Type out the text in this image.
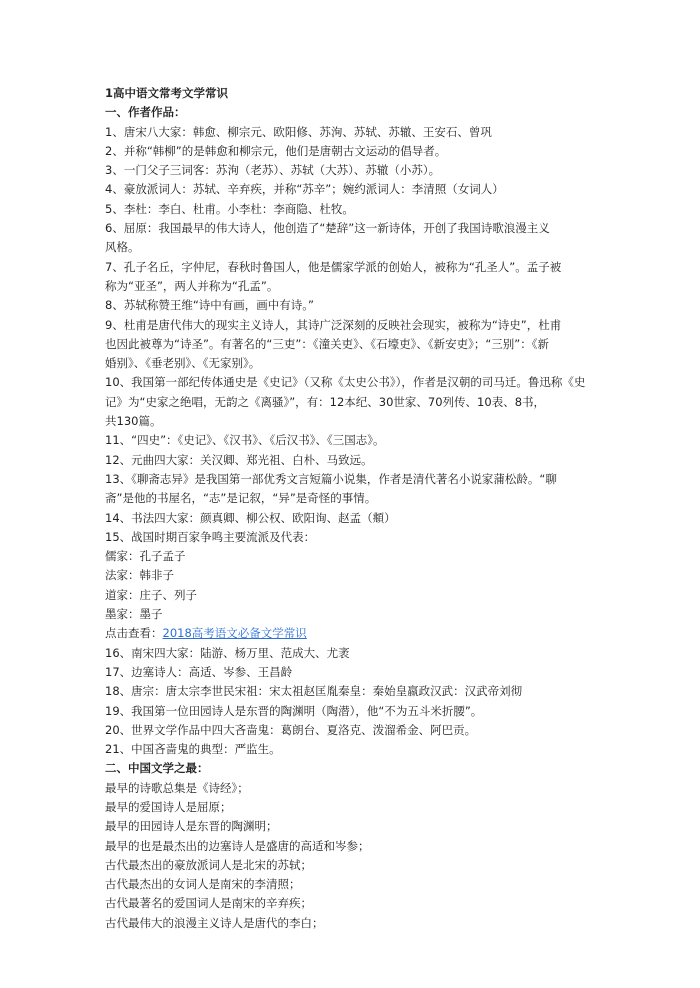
1高中语文常考文学常识
一、作者作品：
1、唐宋八大家：韩愈、柳宗元、欧阳修、苏洵、苏轼、苏辙、王安石、曾巩
2、并称“韩柳”的是韩愈和柳宗元，他们是唐朝古文运动的倡导者。
3、一门父子三词客：苏洵（老苏）、苏轼（大苏）、苏辙（小苏）。
4、豪放派词人：苏轼、辛弃疾，并称“苏辛”；婉约派词人：李清照（女词人）
5、李杜：李白、杜甫。小李杜：李商隐、杜牧。
6、屈原：我国最早的伟大诗人，他创造了“楚辞”这一新诗体，开创了我国诗歌浪漫主义
风格。
7、孔子名丘，字仲尼，春秋时鲁国人，他是儒家学派的创始人，被称为“孔圣人”。孟子被
称为“亚圣”，两人并称为“孔孟”。
8、苏轼称赞王维“诗中有画，画中有诗。”
9、杜甫是唐代伟大的现实主义诗人，其诗广泛深刻的反映社会现实，被称为“诗史”，杜甫
也因此被尊为“诗圣”。有著名的“三吏”：《潼关吏》、《石壕吏》、《新安吏》；“三别”：《新
婚别》、《垂老别》、《无家别》。
10、我国第一部纪传体通史是《史记》（又称《太史公书》），作者是汉朝的司马迁。鲁迅称《史
记》为“史家之绝唱，无韵之《离骚》”，有：12本纪、30世家、70列传、10表、8书，
共130篇。
11、“四史”：《史记》、《汉书》、《后汉书》、《三国志》。
12、元曲四大家：关汉卿、郑光祖、白朴、马致远。
13、《聊斋志异》是我国第一部优秀文言短篇小说集，作者是清代著名小说家蒲松龄。“聊
斋”是他的书屋名，“志”是记叙，“异”是奇怪的事情。
14、书法四大家：颜真卿、柳公权、欧阳询、赵孟（頫）
15、战国时期百家争鸣主要流派及代表：
儒家：孔子孟子
法家：韩非子
道家：庄子、列子
墨家：墨子
点击查看：2018高考语文必备文学常识
16、南宋四大家：陆游、杨万里、范成大、尤袤
17、边塞诗人：高适、岑参、王昌龄
18、唐宗：唐太宗李世民宋祖：宋太祖赵匡胤秦皇：秦始皇嬴政汉武：汉武帝刘彻
19、我国第一位田园诗人是东晋的陶渊明（陶潜），他“不为五斗米折腰”。
20、世界文学作品中四大吝啬鬼：葛朗台、夏洛克、泼溜希金、阿巴贡。
21、中国吝啬鬼的典型：严监生。
二、中国文学之最：
最早的诗歌总集是《诗经》；
最早的爱国诗人是屈原；
最早的田园诗人是东晋的陶渊明；
最早的也是最杰出的边塞诗人是盛唐的高适和岑参；
古代最杰出的豪放派词人是北宋的苏轼；
古代最杰出的女词人是南宋的李清照；
古代最著名的爱国词人是南宋的辛弃疾；
古代最伟大的浪漫主义诗人是唐代的李白；
